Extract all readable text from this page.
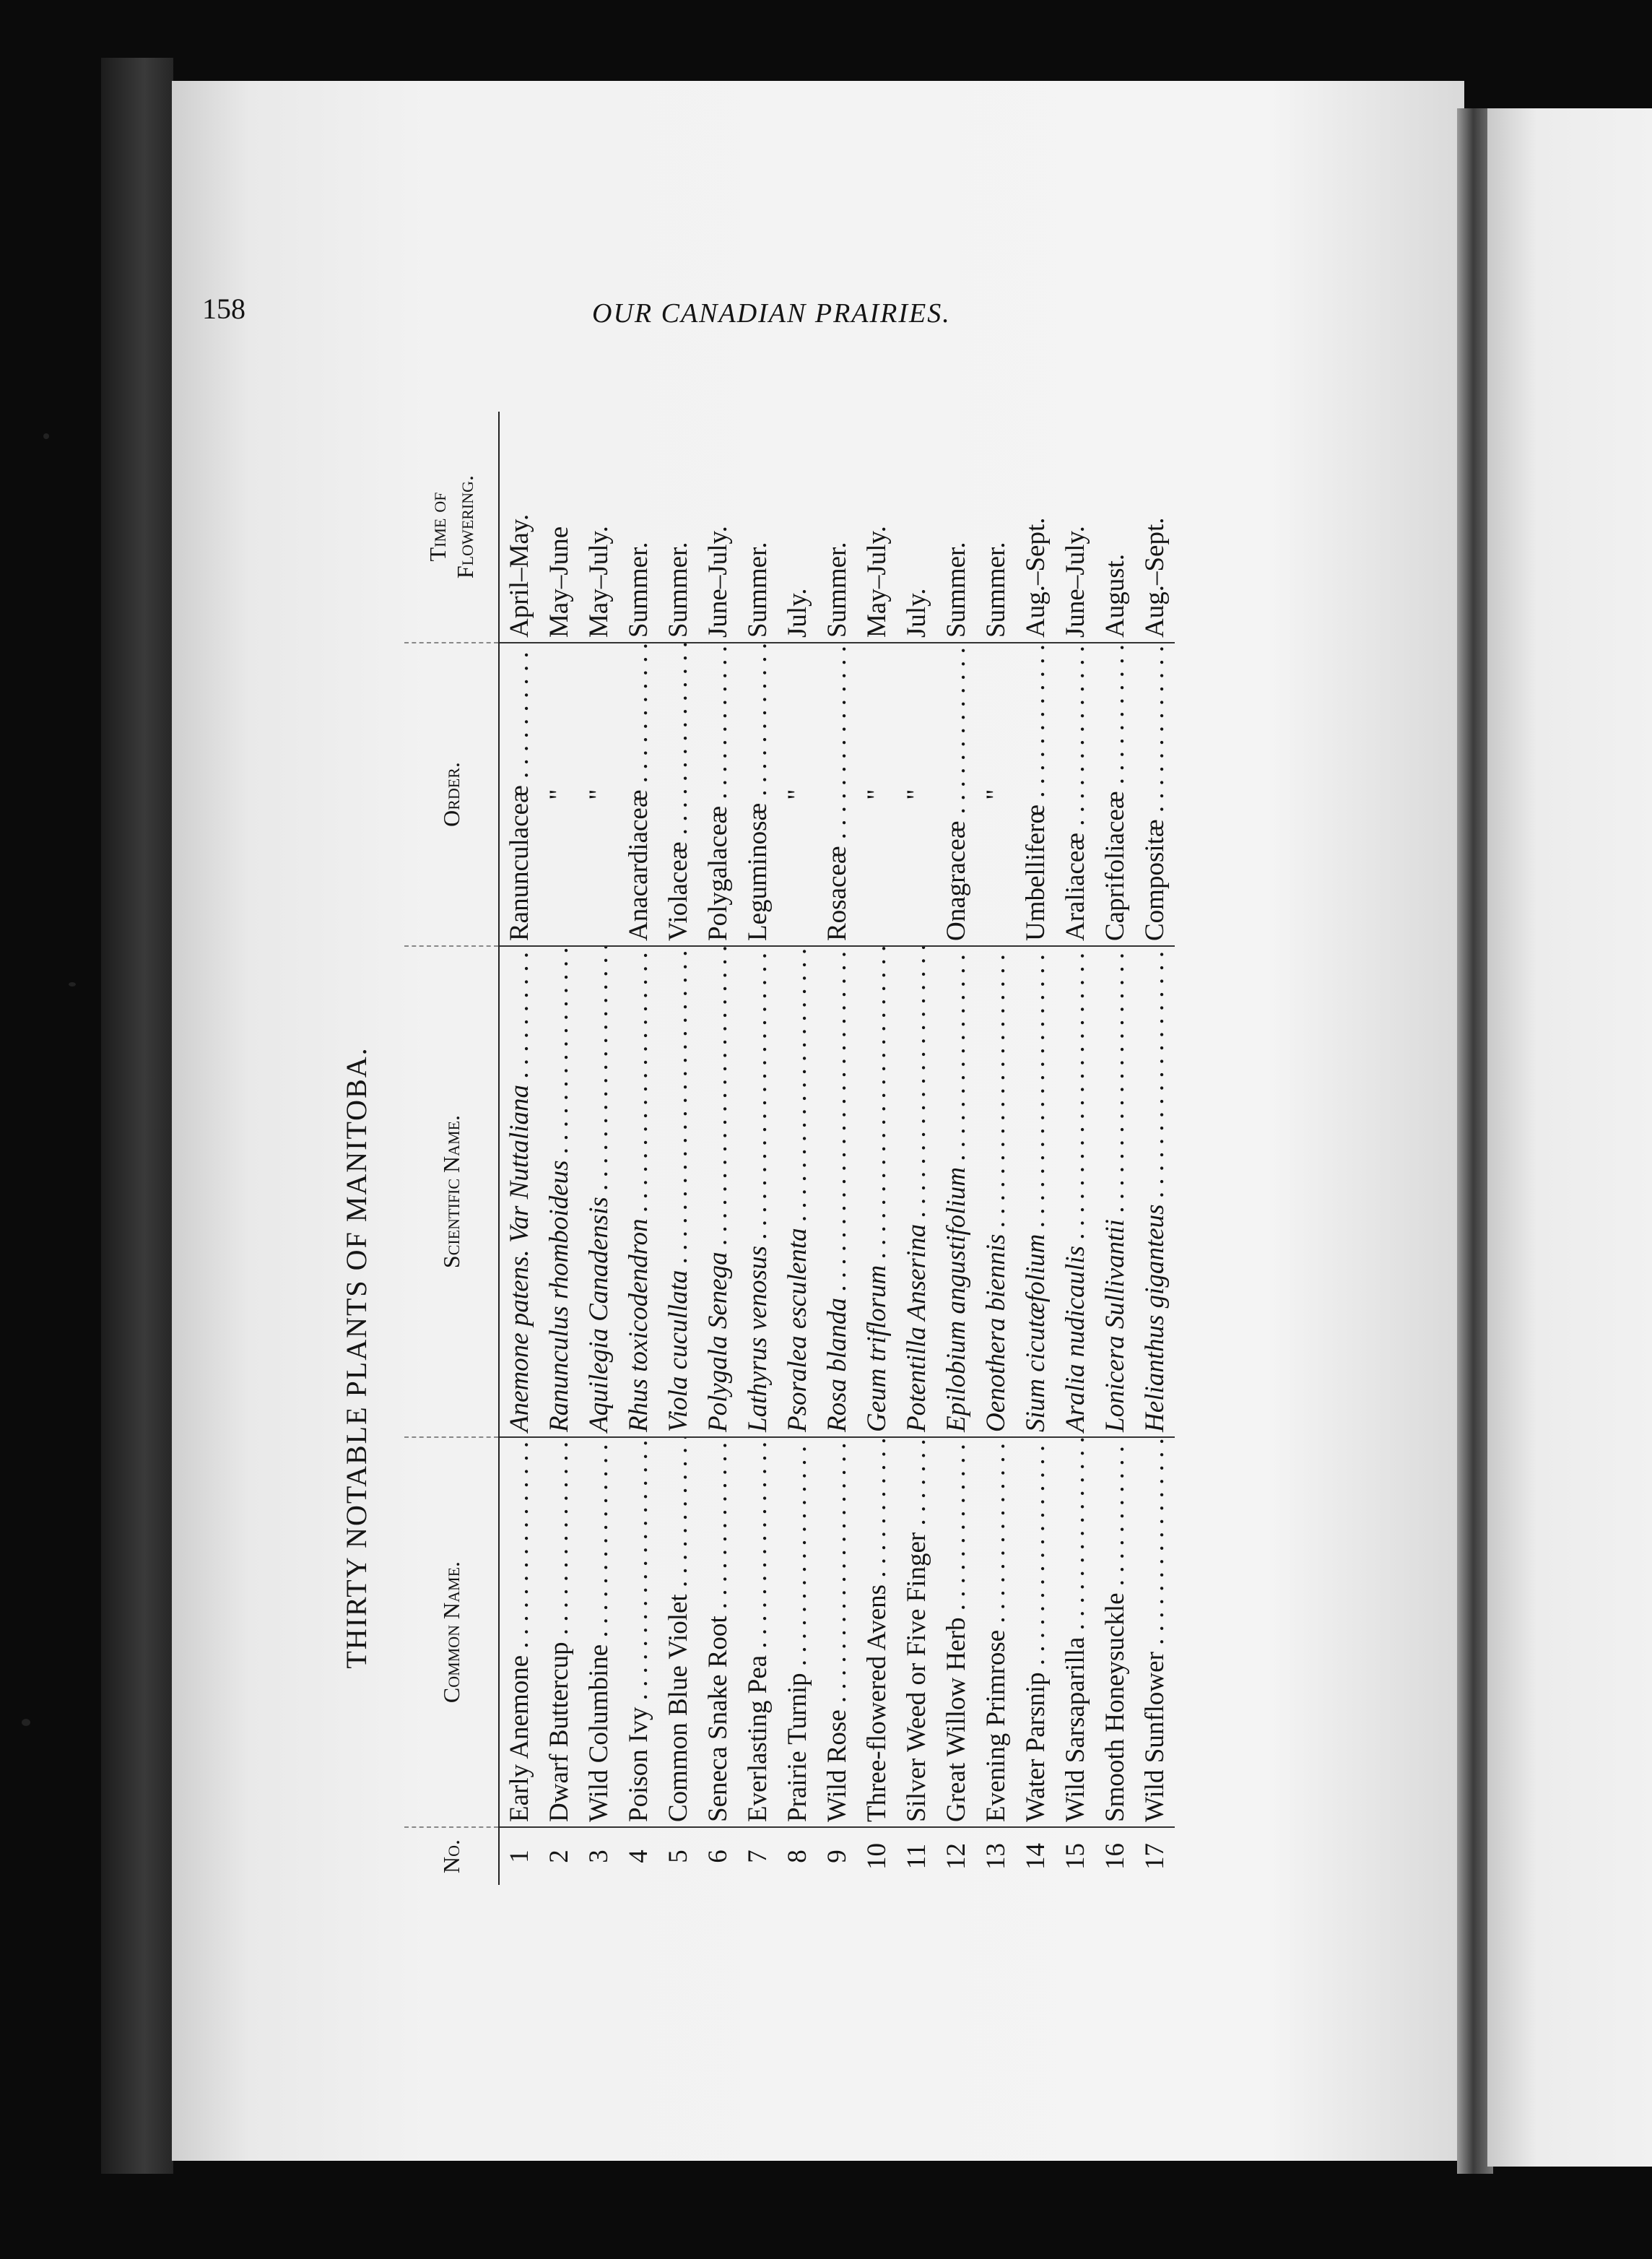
158	OUR CANADIAN PRAIRIES.
THIRTY NOTABLE PLANTS OF MANITOBA.
No.	Common Name.	Scientific Name.	Order.	Time of
Flowering.
1	Early Anemone . . .	Anemone patens. Var Nuttaliana . . .	Ranunculaceæ . . .	April–May.
2	Dwarf Buttercup . . .	Ranunculus rhomboideus . . .	"	May–June
3	Wild Columbine . . .	Aquilegia Canadensis . . .	"	May–July.
4	Poison Ivy . . .	Rhus toxicodendron . . .	Anacardiaceæ . . .	Summer.
5	Common Blue Violet . . .	Viola cucullata . . .	Violaceæ . . .	Summer.
6	Seneca Snake Root . . .	Polygala Senega . . .	Polygalaceæ . . .	June–July.
7	Everlasting Pea . . .	Lathyrus venosus . . .	Leguminosæ . . .	Summer.
8	Prairie Turnip . . .	Psoralea esculenta . . .	"	July.
9	Wild Rose . . .	Rosa blanda . . .	Rosaceæ . . .	Summer.
10	Three-flowered Avens . . .	Geum triflorum . . .	"	May–July.
11	Silver Weed or Five Finger . . .	Potentilla Anserina . . .	"	July.
12	Great Willow Herb . . .	Epilobium angustifolium . . .	Onagraceæ . . .	Summer.
13	Evening Primrose . . .	Oenothera biennis . . .	"	Summer.
14	Water Parsnip . . .	Sium cicutæfolium . . .	Umbelliferœ . . .	Aug.–Sept.
15	Wild Sarsaparilla . . .	Aralia nudicaulis . . .	Araliaceæ . . .	June–July.
16	Smooth Honeysuckle . . .	Lonicera Sullivantii . . .	Caprifoliaceæ . . .	August.
17	Wild Sunflower . . .	Helianthus giganteus . . .	Compositæ . . .	Aug.–Sept.
